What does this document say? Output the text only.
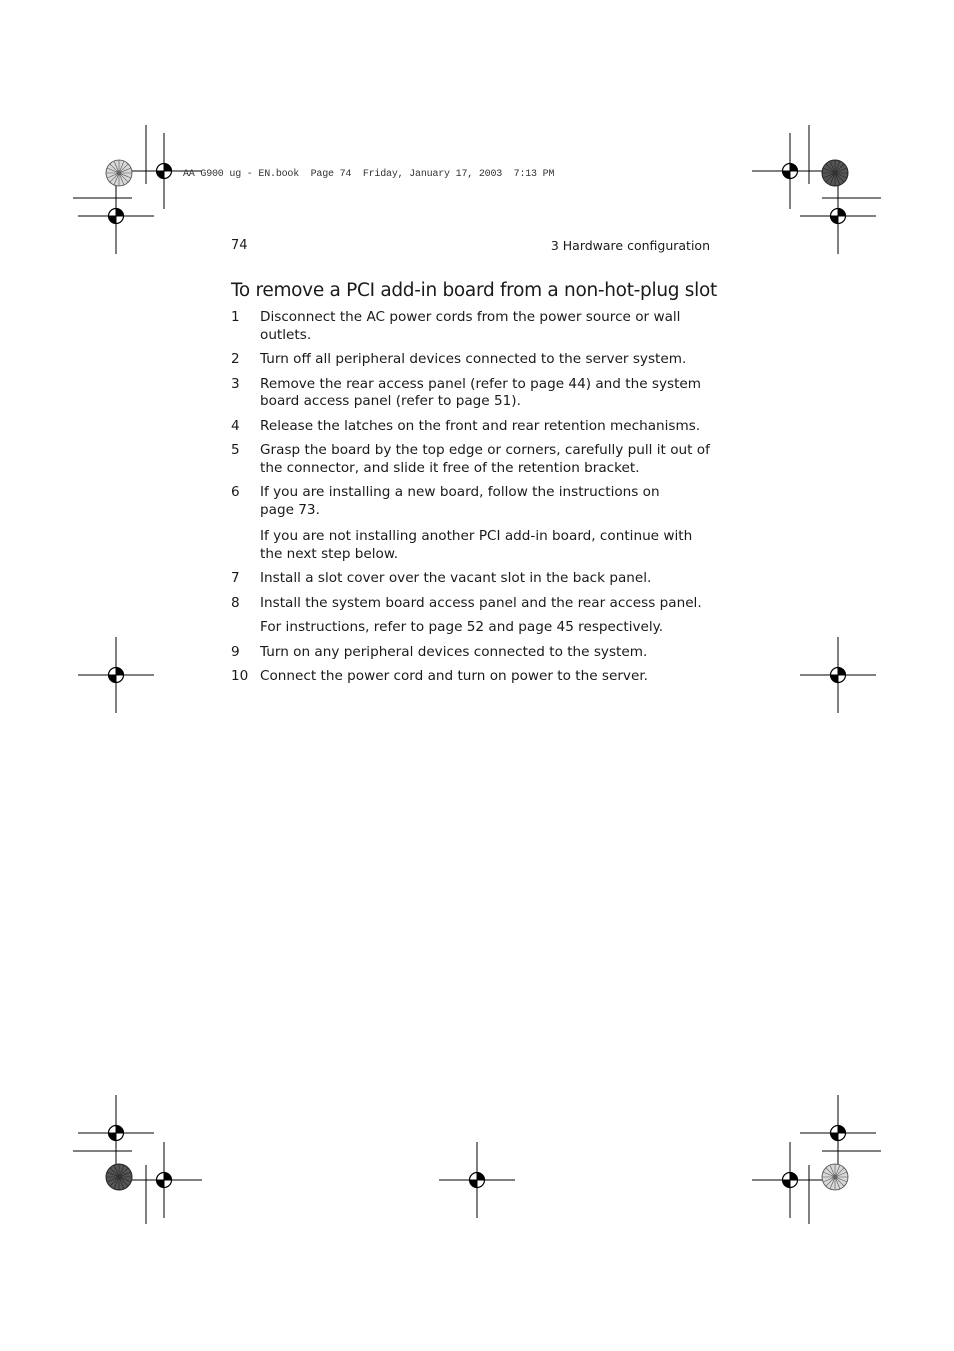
AA G900 ug - EN.book  Page 74  Friday, January 17, 2003  7:13 PM
74	3 Hardware configuration
To remove a PCI add-in board from a non-hot-plug slot
1	Disconnect the AC power cords from the power source or wall outlets.
2	Turn off all peripheral devices connected to the server system.
3	Remove the rear access panel (refer to page 44) and the system board access panel (refer to page 51).
4	Release the latches on the front and rear retention mechanisms.
5	Grasp the board by the top edge or corners, carefully pull it out of the connector, and slide it free of the retention bracket.
6	If you are installing a new board, follow the instructions on page 73.
If you are not installing another PCI add-in board, continue with the next step below.
7	Install a slot cover over the vacant slot in the back panel.
8	Install the system board access panel and the rear access panel.
For instructions, refer to page 52 and page 45 respectively.
9	Turn on any peripheral devices connected to the system.
10 Connect the power cord and turn on power to the server.
